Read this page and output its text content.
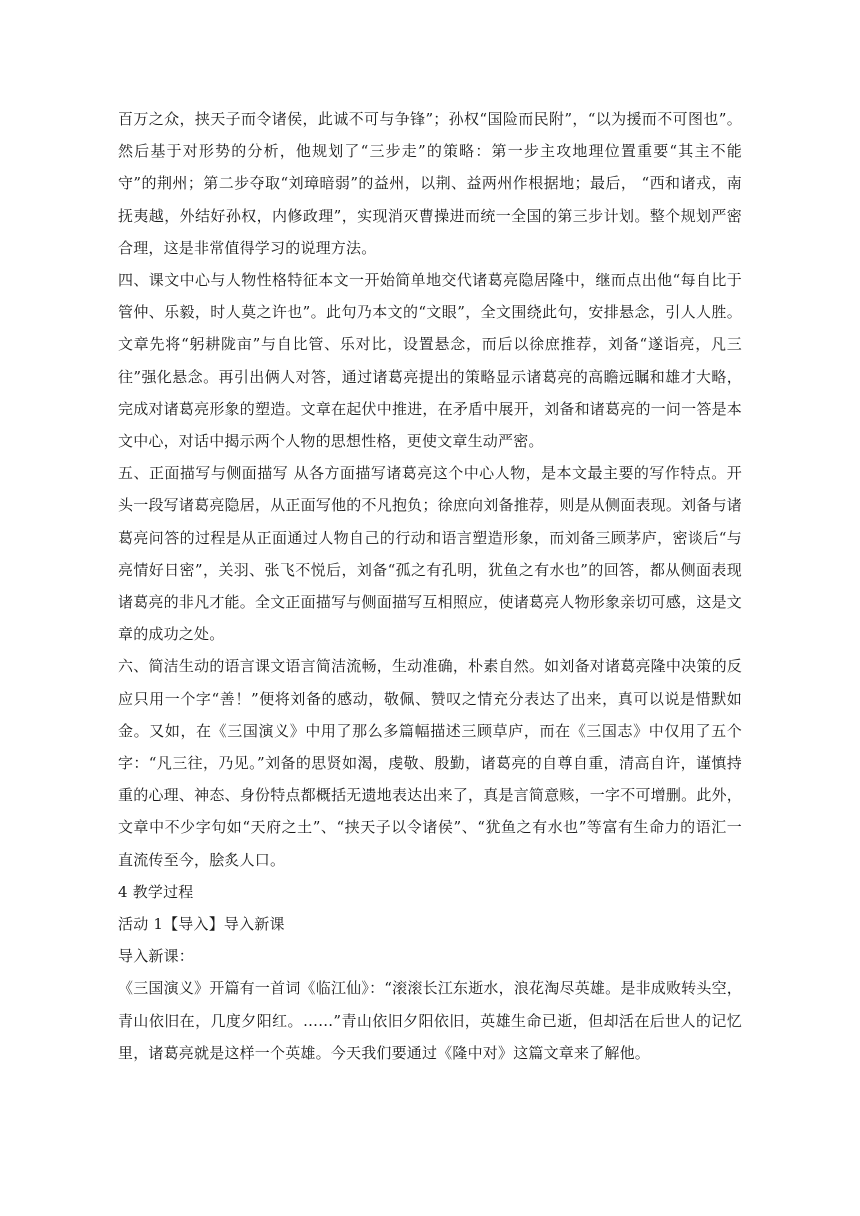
百万之众，挟天子而令诸侯，此诚不可与争锋”；孙权“国险而民附”，“以为援而不可图也”。然后基于对形势的分析，他规划了“三步走”的策略：第一步主攻地理位置重要“其主不能守”的荆州；第二步夺取“刘璋暗弱”的益州，以荆、益两州作根据地；最后， “西和诸戎，南抚夷越，外结好孙权，内修政理”，实现消灭曹操进而统一全国的第三步计划。整个规划严密合理，这是非常值得学习的说理方法。

四、课文中心与人物性格特征本文一开始简单地交代诸葛亮隐居隆中，继而点出他“每自比于管仲、乐毅，时人莫之许也”。此句乃本文的“文眼”，全文围绕此句，安排悬念，引人人胜。文章先将“躬耕陇亩”与自比管、乐对比，设置悬念，而后以徐庶推荐，刘备“遂诣亮，凡三往”强化悬念。再引出俩人对答，通过诸葛亮提出的策略显示诸葛亮的高瞻远瞩和雄才大略，完成对诸葛亮形象的塑造。文章在起伏中推进，在矛盾中展开，刘备和诸葛亮的一问一答是本文中心，对话中揭示两个人物的思想性格，更使文章生动严密。

五、正面描写与侧面描写 从各方面描写诸葛亮这个中心人物，是本文最主要的写作特点。开头一段写诸葛亮隐居，从正面写他的不凡抱负；徐庶向刘备推荐，则是从侧面表现。刘备与诸葛亮问答的过程是从正面通过人物自己的行动和语言塑造形象，而刘备三顾茅庐，密谈后“与亮情好日密”，关羽、张飞不悦后，刘备“孤之有孔明，犹鱼之有水也”的回答，都从侧面表现诸葛亮的非凡才能。全文正面描写与侧面描写互相照应，使诸葛亮人物形象亲切可感，这是文章的成功之处。

六、简洁生动的语言课文语言简洁流畅，生动准确，朴素自然。如刘备对诸葛亮隆中决策的反应只用一个字“善！”便将刘备的感动，敬佩、赞叹之情充分表达了出来，真可以说是惜默如金。又如，在《三国演义》中用了那么多篇幅描述三顾草庐，而在《三国志》中仅用了五个字：“凡三往，乃见。”刘备的思贤如渴，虔敬、殷勤，诸葛亮的自尊自重，清高自许，谨慎持重的心理、神态、身份特点都概括无遗地表达出来了，真是言简意赅，一字不可增删。此外，文章中不少字句如“天府之土”、“挟天子以令诸侯”、“犹鱼之有水也”等富有生命力的语汇一直流传至今，脍炙人口。

4 教学过程

活动 1【导入】导入新课

导入新课：

《三国演义》开篇有一首词《临江仙》：“滚滚长江东逝水，浪花淘尽英雄。是非成败转头空，青山依旧在，几度夕阳红。……”青山依旧夕阳依旧，英雄生命已逝，但却活在后世人的记忆里，诸葛亮就是这样一个英雄。今天我们要通过《隆中对》这篇文章来了解他。
